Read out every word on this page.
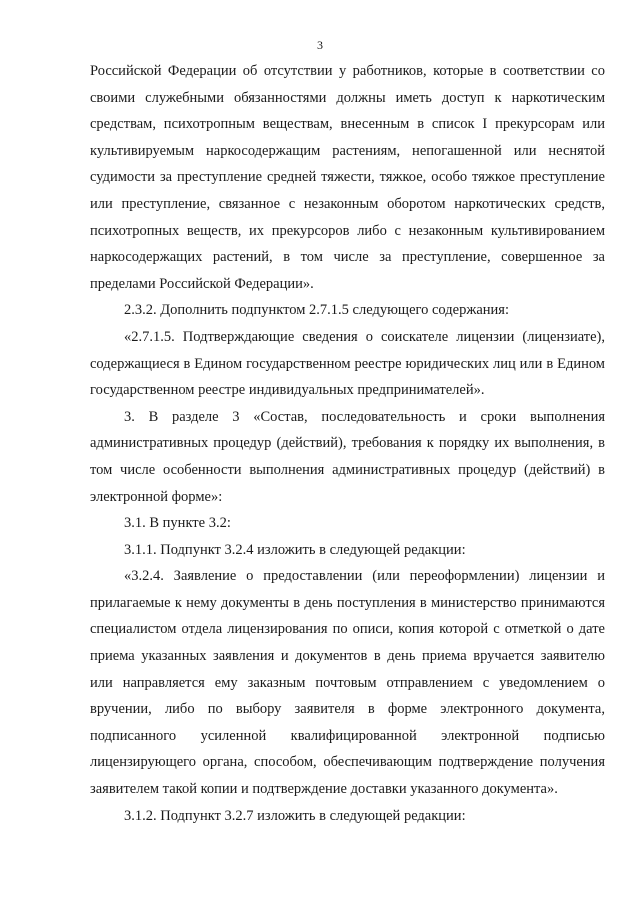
3

Российской Федерации об отсутствии у работников, которые в соответствии со своими служебными обязанностями должны иметь доступ к наркотическим средствам, психотропным веществам, внесенным в список I прекурсорам или культивируемым наркосодержащим растениям, непогашенной или неснятой судимости за преступление средней тяжести, тяжкое, особо тяжкое преступление или преступление, связанное с незаконным оборотом наркотических средств, психотропных веществ, их прекурсоров либо с незаконным культивированием наркосодержащих растений, в том числе за преступление, совершенное за пределами Российской Федерации».

2.3.2. Дополнить подпунктом 2.7.1.5 следующего содержания:

«2.7.1.5. Подтверждающие сведения о соискателе лицензии (лицензиате), содержащиеся в Едином государственном реестре юридических лиц или в Едином государственном реестре индивидуальных предпринимателей».

3. В разделе 3 «Состав, последовательность и сроки выполнения административных процедур (действий), требования к порядку их выполнения, в том числе особенности выполнения административных процедур (действий) в электронной форме»:

3.1. В пункте 3.2:

3.1.1. Подпункт 3.2.4 изложить в следующей редакции:

«3.2.4. Заявление о предоставлении (или переоформлении) лицензии и прилагаемые к нему документы в день поступления в министерство принимаются специалистом отдела лицензирования по описи, копия которой с отметкой о дате приема указанных заявления и документов в день приема вручается заявителю или направляется ему заказным почтовым отправлением с уведомлением о вручении, либо по выбору заявителя в форме электронного документа, подписанного усиленной квалифицированной электронной подписью лицензирующего органа, способом, обеспечивающим подтверждение получения заявителем такой копии и подтверждение доставки указанного документа».

3.1.2. Подпункт 3.2.7 изложить в следующей редакции:
